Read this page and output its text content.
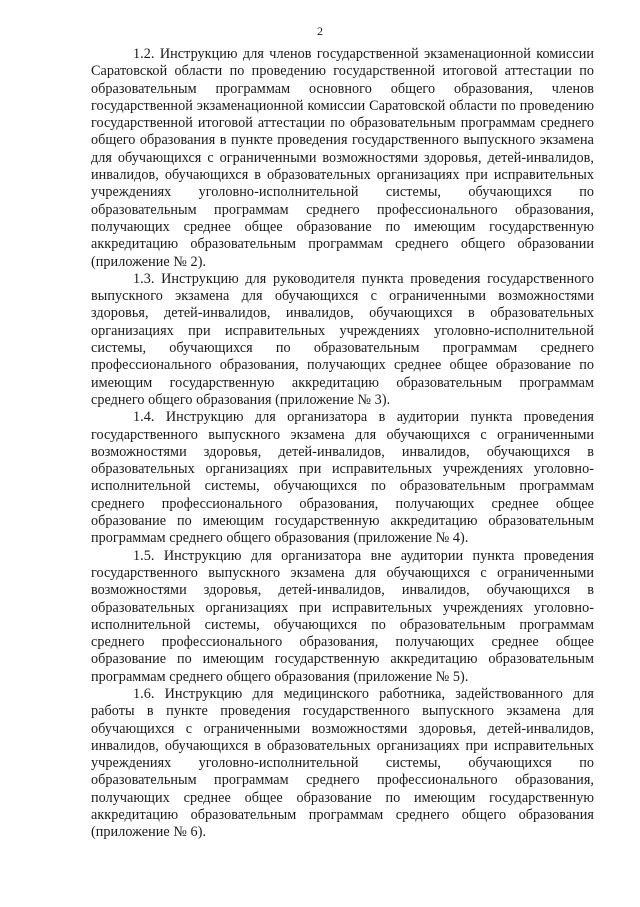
2

1.2. Инструкцию для членов государственной экзаменационной комиссии Саратовской области по проведению государственной итоговой аттестации по образовательным программам основного общего образования, членов государственной экзаменационной комиссии Саратовской области по проведению государственной итоговой аттестации по образовательным программам среднего общего образования в пункте проведения государственного выпускного экзамена для обучающихся с ограниченными возможностями здоровья, детей-инвалидов, инвалидов, обучающихся в образовательных организациях при исправительных учреждениях уголовно-исполнительной системы, обучающихся по образовательным программам среднего профессионального образования, получающих среднее общее образование по имеющим государственную аккредитацию образовательным программам среднего общего образовании (приложение № 2).

1.3. Инструкцию для руководителя пункта проведения государственного выпускного экзамена для обучающихся с ограниченными возможностями здоровья, детей-инвалидов, инвалидов, обучающихся в образовательных организациях при исправительных учреждениях уголовно-исполнительной системы, обучающихся по образовательным программам среднего профессионального образования, получающих среднее общее образование по имеющим государственную аккредитацию образовательным программам среднего общего образования (приложение № 3).

1.4. Инструкцию для организатора в аудитории пункта проведения государственного выпускного экзамена для обучающихся с ограниченными возможностями здоровья, детей-инвалидов, инвалидов, обучающихся в образовательных организациях при исправительных учреждениях уголовно-исполнительной системы, обучающихся по образовательным программам среднего профессионального образования, получающих среднее общее образование по имеющим государственную аккредитацию образовательным программам среднего общего образования (приложение № 4).

1.5. Инструкцию для организатора вне аудитории пункта проведения государственного выпускного экзамена для обучающихся с ограниченными возможностями здоровья, детей-инвалидов, инвалидов, обучающихся в образовательных организациях при исправительных учреждениях уголовно-исполнительной системы, обучающихся по образовательным программам среднего профессионального образования, получающих среднее общее образование по имеющим государственную аккредитацию образовательным программам среднего общего образования (приложение № 5).

1.6. Инструкцию для медицинского работника, задействованного для работы в пункте проведения государственного выпускного экзамена для обучающихся с ограниченными возможностями здоровья, детей-инвалидов, инвалидов, обучающихся в образовательных организациях при исправительных учреждениях уголовно-исполнительной системы, обучающихся по образовательным программам среднего профессионального образования, получающих среднее общее образование по имеющим государственную аккредитацию образовательным программам среднего общего образования (приложение № 6).
